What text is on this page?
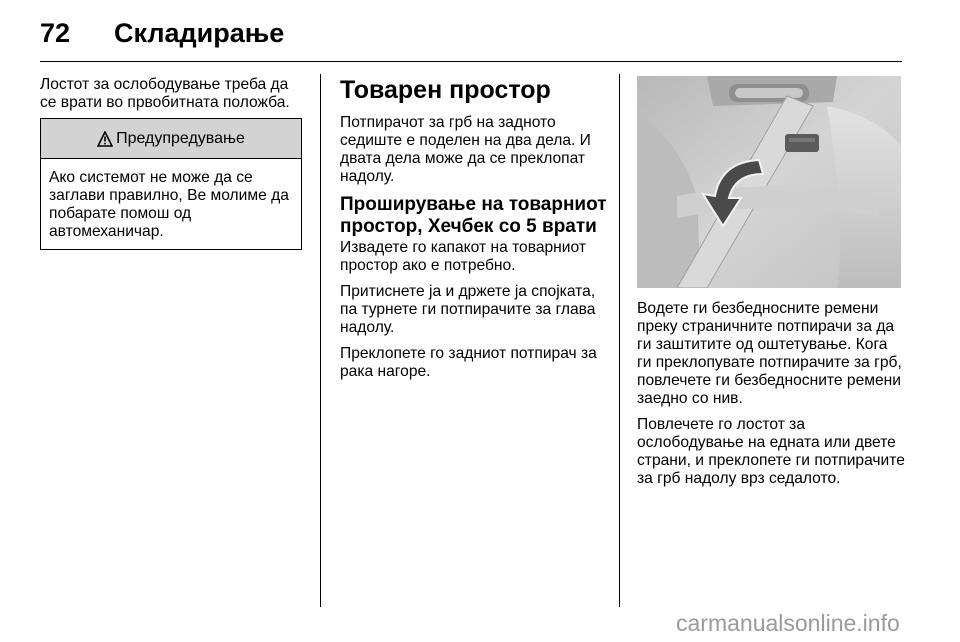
72 Складирање

Лостот за ослободување треба да се врати во првобитната положба.

Предупредување
Ако системот не може да се заглави правилно, Ве молиме да побарате помош од автомеханичар.
Товарен простор

Потпирачот за грб на задното седиште е поделен на два дела. И двата дела може да се преклопат надолу.

Проширување на товарниот простор, Хечбек со 5 врати

Извадете го капакот на товарниот простор ако е потребно.

Притиснете ја и држете ја спојката, па турнете ги потпирачите за глава надолу.

Преклопете го задниот потпирач за рака нагоре.

Водете ги безбедносните ремени преку страничните потпирачи за да ги заштитите од оштетување. Кога ги преклопувате потпирачите за грб, повлечете ги безбедносните ремени заедно со нив.

Повлечете го лостот за ослободување на едната или двете страни, и преклопете ги потпирачите за грб надолу врз седалото.

carmanualsonline.info
